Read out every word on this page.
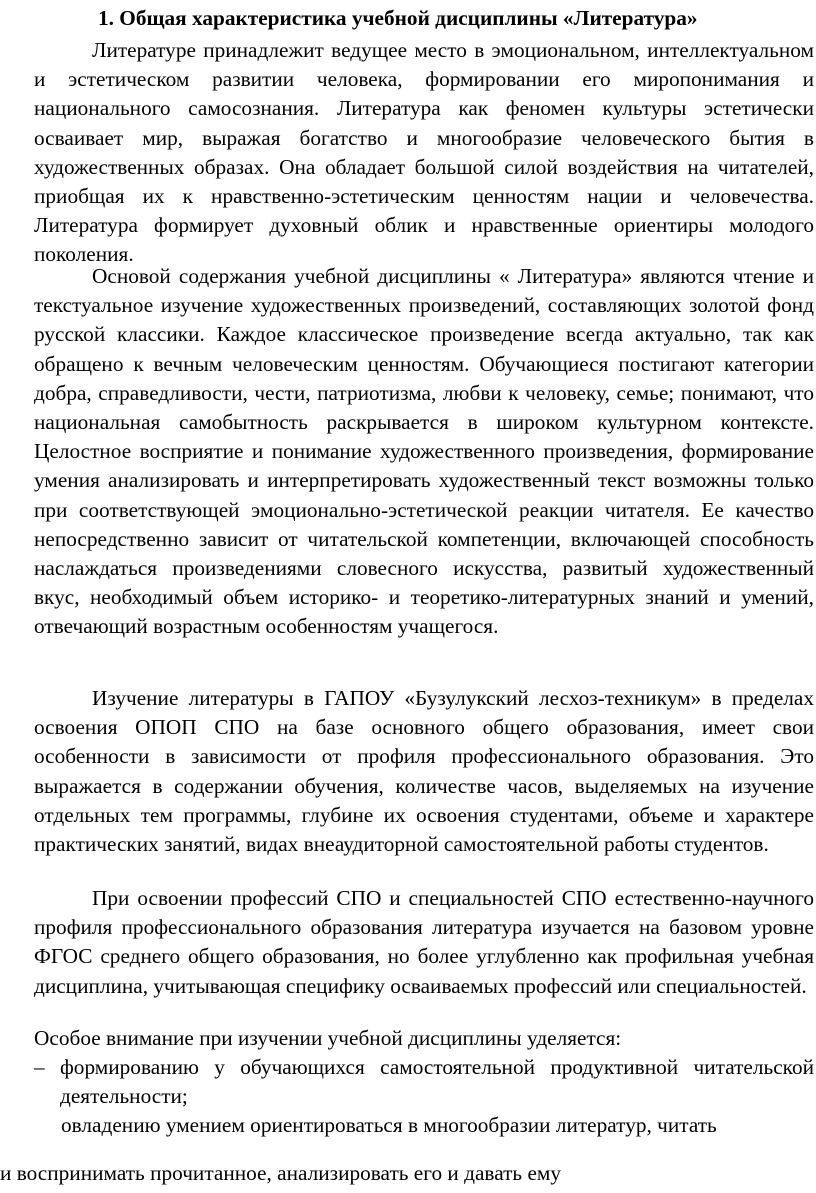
1. Общая характеристика учебной дисциплины «Литература»

Литературе принадлежит ведущее место в эмоциональном, интеллектуальном и эстетическом развитии человека, формировании его миропонимания и национального самосознания. Литература как феномен культуры эстетически осваивает мир, выражая богатство и многообразие человеческого бытия в художественных образах. Она обладает большой силой воздействия на читателей, приобщая их к нравственно-эстетическим ценностям нации и человечества. Литература формирует духовный облик и нравственные ориентиры молодого поколения.

Основой содержания учебной дисциплины « Литература» являются чтение и текстуальное изучение художественных произведений, составляющих золотой фонд русской классики. Каждое классическое произведение всегда актуально, так как обращено к вечным человеческим ценностям. Обучающиеся постигают категории добра, справедливости, чести, патриотизма, любви к человеку, семье; понимают, что национальная самобытность раскрывается в широком культурном контексте. Целостное восприятие и понимание художественного произведения, формирование умения анализировать и интерпретировать художественный текст возможны только при соответствующей эмоционально-эстетической реакции читателя. Ее качество непосредственно зависит от читательской компетенции, включающей способность наслаждаться произведениями словесного искусства, развитый художественный вкус, необходимый объем историко- и теоретико-литературных знаний и умений, отвечающий возрастным особенностям учащегося.

Изучение литературы в ГАПОУ «Бузулукский лесхоз-техникум» в пределах освоения ОПОП СПО на базе основного общего образования, имеет свои особенности в зависимости от профиля профессионального образования. Это выражается в содержании обучения, количестве часов, выделяемых на изучение отдельных тем программы, глубине их освоения студентами, объеме и характере практических занятий, видах внеаудиторной самостоятельной работы студентов.

При освоении профессий СПО и специальностей СПО естественно-научного профиля профессионального образования литература изучается на базовом уровне ФГОС среднего общего образования, но более углубленно как профильная учебная дисциплина, учитывающая специфику осваиваемых профессий или специальностей.

Особое внимание при изучении учебной дисциплины уделяется:
– формированию у обучающихся самостоятельной продуктивной читательской деятельности;
овладению умением ориентироваться в многообразии литератур, читать
и воспринимать прочитанное, анализировать его и давать ему
